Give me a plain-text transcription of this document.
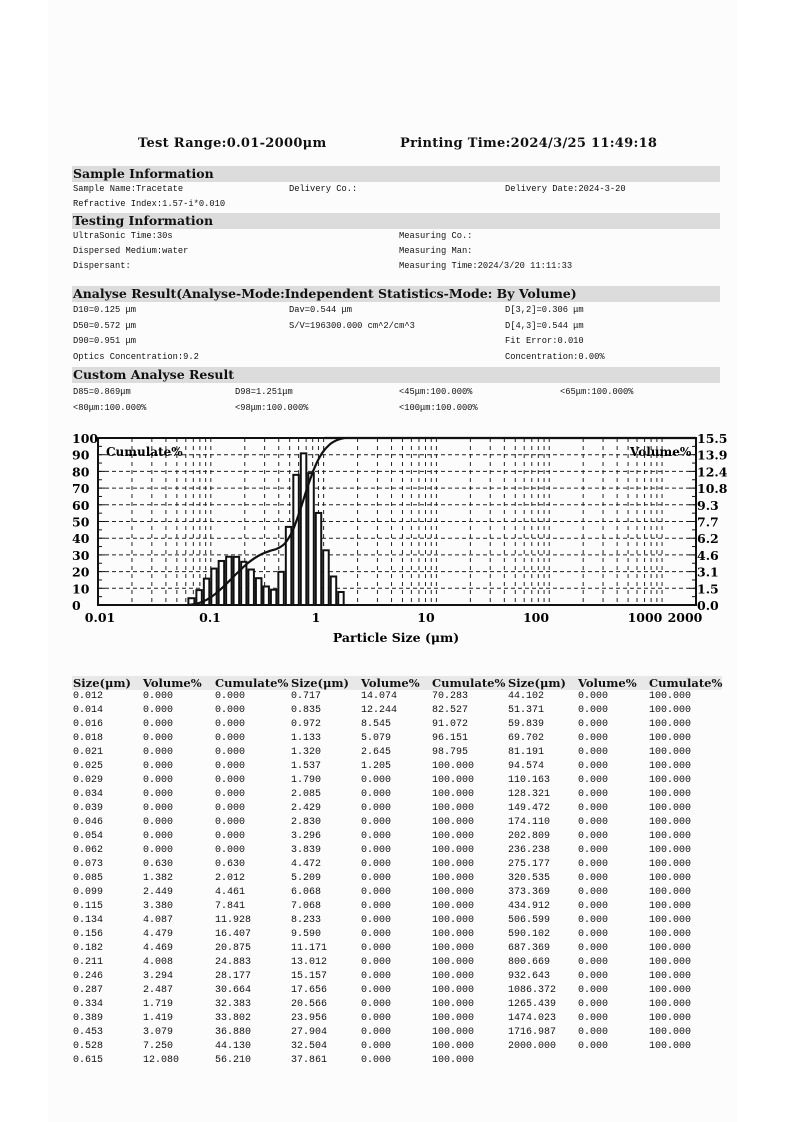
Test Range:0.01-2000μm	Printing Time:2024/3/25 11:49:18
Sample Information
Sample Name:Tracetate	Delivery Co.:	Delivery Date:2024-3-20
Refractive Index:1.57-i*0.010
Testing Information
UltraSonic Time:30s	Measuring Co.:
Dispersed Medium:water	Measuring Man:
Dispersant:	Measuring Time:2024/3/20 11:11:33
Analyse Result(Analyse-Mode:Independent Statistics-Mode: By Volume)
D10=0.125 μm	Dav=0.544 μm	D[3,2]=0.306 μm
D50=0.572 μm	S/V=196300.000 cm^2/cm^3	D[4,3]=0.544 μm
D90=0.951 μm	Fit Error:0.010
Optics Concentration:9.2	Concentration:0.00%
Custom Analyse Result
D85=0.869μm	D98=1.251μm	<45μm:100.000%	<65μm:100.000%
<80μm:100.000%	<98μm:100.000%	<100μm:100.000%
0
10
20
30
40
50
60
70
80
90
100
0.0
1.5
3.1
4.6
6.2
7.7
9.3
10.8
12.4
13.9
15.5
0.01	0.1	1	10	100	1000 2000
Cumulate%	Volume%
Particle Size (μm)
Size(μm) Volume% Cumulate% Size(μm) Volume% Cumulate% Size(μm) Volume% Cumulate%
0.012	0.000	0.000	0.717	14.074	70.283	44.102	0.000	100.000
0.014	0.000	0.000	0.835	12.244	82.527	51.371	0.000	100.000
0.016	0.000	0.000	0.972	8.545	91.072	59.839	0.000	100.000
0.018	0.000	0.000	1.133	5.079	96.151	69.702	0.000	100.000
0.021	0.000	0.000	1.320	2.645	98.795	81.191	0.000	100.000
0.025	0.000	0.000	1.537	1.205	100.000	94.574	0.000	100.000
0.029	0.000	0.000	1.790	0.000	100.000	110.163	0.000	100.000
0.034	0.000	0.000	2.085	0.000	100.000	128.321	0.000	100.000
0.039	0.000	0.000	2.429	0.000	100.000	149.472	0.000	100.000
0.046	0.000	0.000	2.830	0.000	100.000	174.110	0.000	100.000
0.054	0.000	0.000	3.296	0.000	100.000	202.809	0.000	100.000
0.062	0.000	0.000	3.839	0.000	100.000	236.238	0.000	100.000
0.073	0.630	0.630	4.472	0.000	100.000	275.177	0.000	100.000
0.085	1.382	2.012	5.209	0.000	100.000	320.535	0.000	100.000
0.099	2.449	4.461	6.068	0.000	100.000	373.369	0.000	100.000
0.115	3.380	7.841	7.068	0.000	100.000	434.912	0.000	100.000
0.134	4.087	11.928	8.233	0.000	100.000	506.599	0.000	100.000
0.156	4.479	16.407	9.590	0.000	100.000	590.102	0.000	100.000
0.182	4.469	20.875	11.171	0.000	100.000	687.369	0.000	100.000
0.211	4.008	24.883	13.012	0.000	100.000	800.669	0.000	100.000
0.246	3.294	28.177	15.157	0.000	100.000	932.643	0.000	100.000
0.287	2.487	30.664	17.656	0.000	100.000	1086.372 0.000	100.000
0.334	1.719	32.383	20.566	0.000	100.000	1265.439 0.000	100.000
0.389	1.419	33.802	23.956	0.000	100.000	1474.023 0.000	100.000
0.453	3.079	36.880	27.904	0.000	100.000	1716.987 0.000	100.000
0.528	7.250	44.130	32.504	0.000	100.000	2000.000 0.000	100.000
0.615	12.080	56.210	37.861	0.000	100.000
